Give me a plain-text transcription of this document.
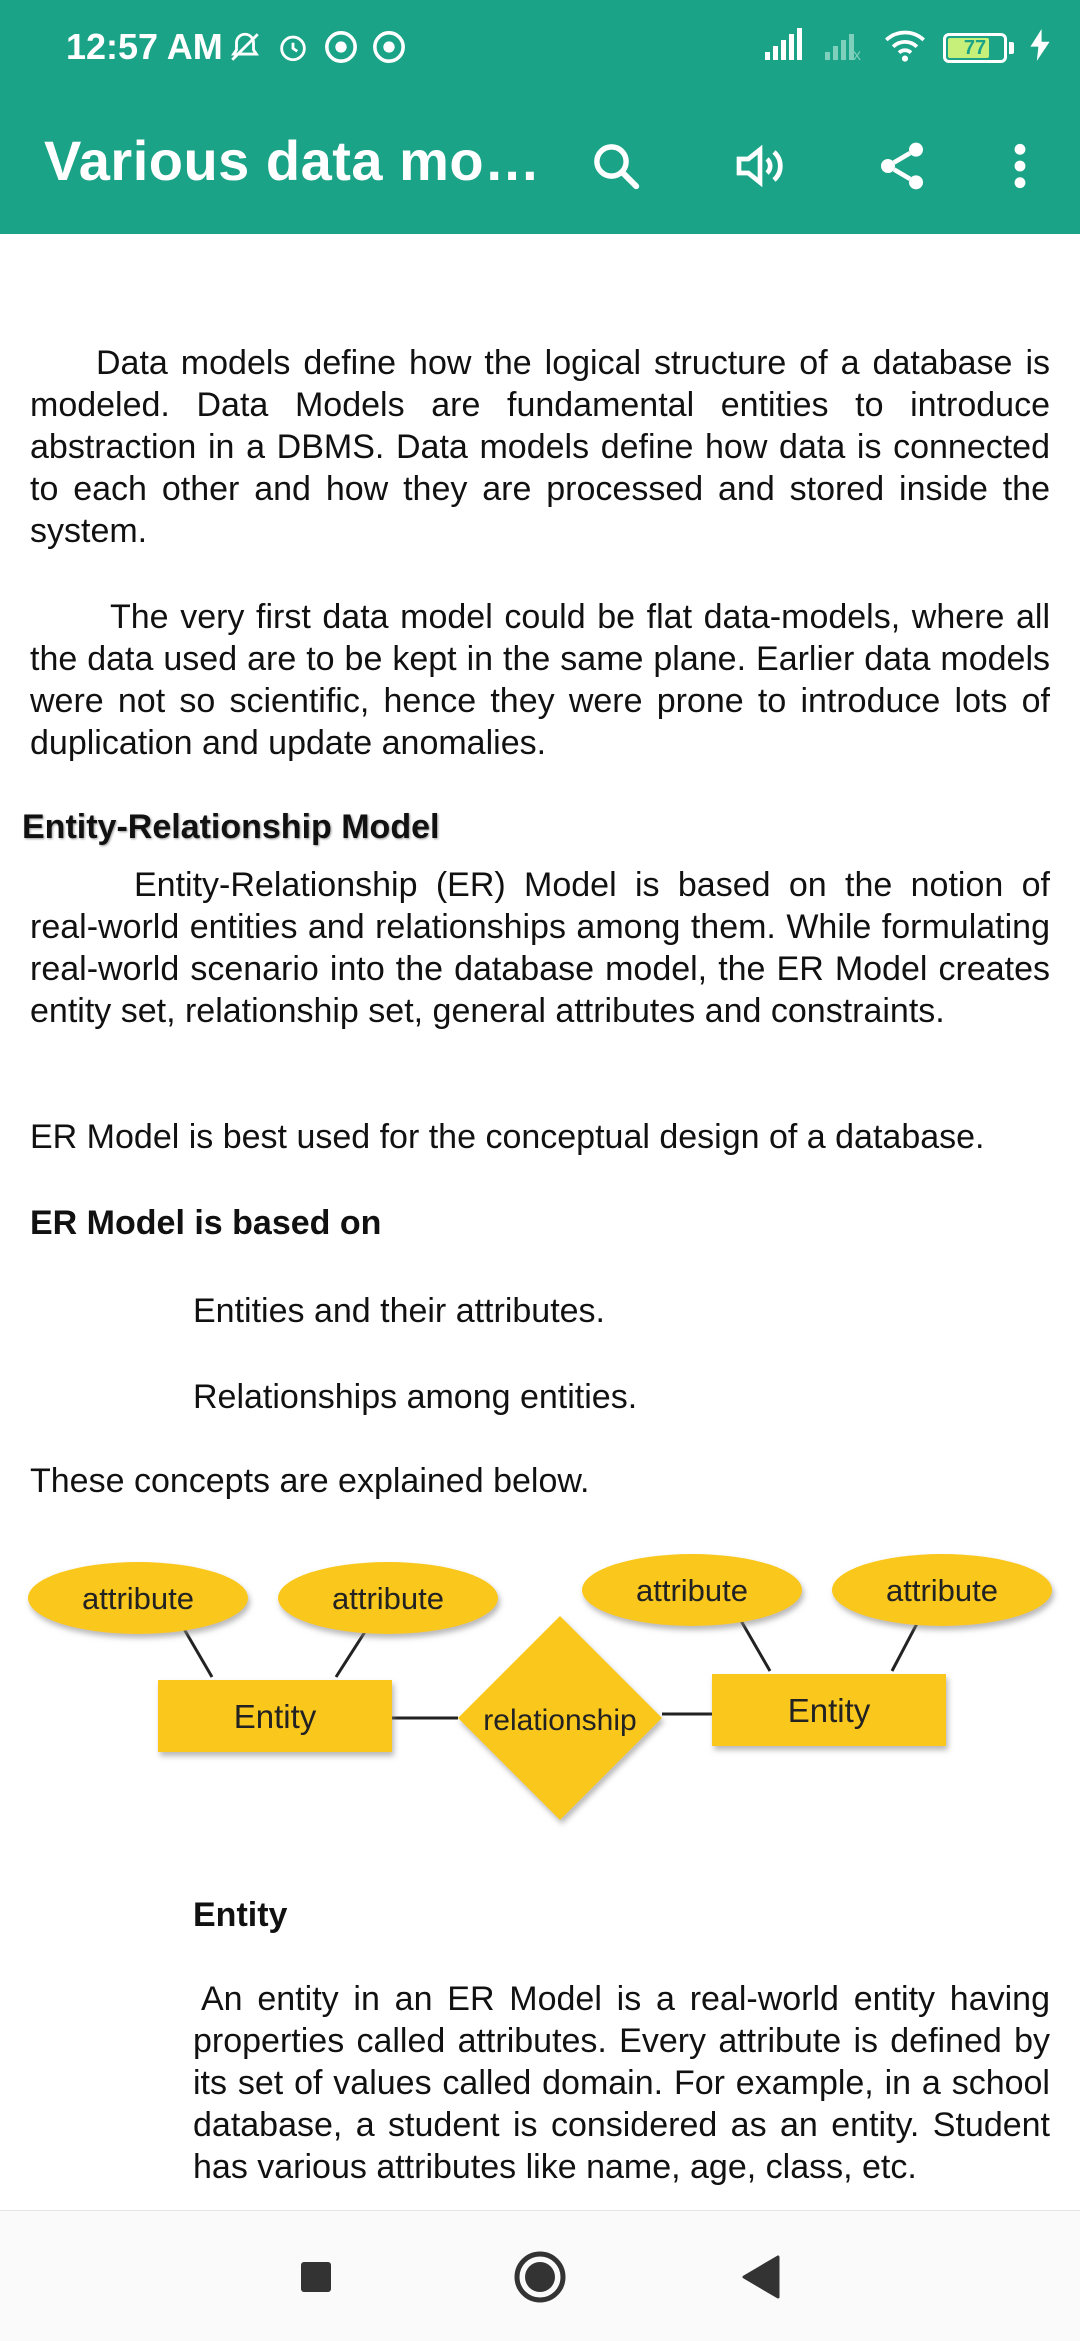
12:57 AM	x	77
Various data mo…

Data models define how the logical structure of a database is modeled. Data Models are fundamental entities to introduce abstraction in a DBMS. Data models define how data is connected to each other and how they are processed and stored inside the system.

The very first data model could be flat data-models, where all the data used are to be kept in the same plane. Earlier data models were not so scientific, hence they were prone to introduce lots of duplication and update anomalies.

Entity-Relationship Model

Entity-Relationship (ER) Model is based on the notion of real-world entities and relationships among them. While formulating real-world scenario into the database model, the ER Model creates entity set, relationship set, general attributes and constraints.

ER Model is best used for the conceptual design of a database.

ER Model is based on

Entities and their attributes.
Relationships among entities.

These concepts are explained below.

attribute	attribute	attribute	attribute
Entity	relationship	Entity

Entity

An entity in an ER Model is a real-world entity having properties called attributes. Every attribute is defined by its set of values called domain. For example, in a school database, a student is considered as an entity. Student has various attributes like name, age, class, etc.
